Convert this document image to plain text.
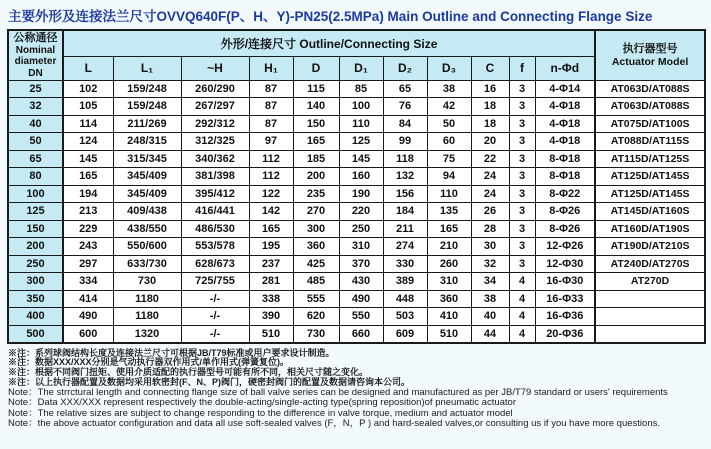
主要外形及连接法兰尺寸OVVQ640F(P、H、Y)-PN25(2.5MPa) Main Outline and Connecting Flange Size
公称通径
Nominal
diameter
DN	外形/连接尺寸 Outline/Connecting Size											执行器型号
Actuator Model

	L	L₁	~H	H₁	D	D₁	D₂	D₃	C	f	n-Φd	
25	102	159/248	260/290	87	115	85	65	38	16	3	4-Φ14	AT063D/AT088S
32	105	159/248	267/297	87	140	100	76	42	18	3	4-Φ18	AT063D/AT088S
40	114	211/269	292/312	87	150	110	84	50	18	3	4-Φ18	AT075D/AT100S
50	124	248/315	312/325	97	165	125	99	60	20	3	4-Φ18	AT088D/AT115S
65	145	315/345	340/362	112	185	145	118	75	22	3	8-Φ18	AT115D/AT125S
80	165	345/409	381/398	112	200	160	132	94	24	3	8-Φ18	AT125D/AT145S
100	194	345/409	395/412	122	235	190	156	110	24	3	8-Φ22	AT125D/AT145S
125	213	409/438	416/441	142	270	220	184	135	26	3	8-Φ26	AT145D/AT160S
150	229	438/550	486/530	165	300	250	211	165	28	3	8-Φ26	AT160D/AT190S
200	243	550/600	553/578	195	360	310	274	210	30	3	12-Φ26	AT190D/AT210S
250	297	633/730	628/673	237	425	370	330	260	32	3	12-Φ30	AT240D/AT270S
300	334	730	725/755	281	485	430	389	310	34	4	16-Φ30	AT270D
350	414	1180	-/-	338	555	490	448	360	38	4	16-Φ33	
400	490	1180	-/-	390	620	550	503	410	40	4	16-Φ36	
500	600	1320	-/-	510	730	660	609	510	44	4	20-Φ36	
※注：系列球阀结构长度及连接法兰尺寸可根据JB/T79标准或用户要求设计制造。
※注：数据XXX/XXX分别是气动执行器双作用式/单作用式(弹簧复位)。
※注：根据不同阀门扭矩、使用介质适配的执行器型号可能有所不同，相关尺寸随之变化。
※注：以上执行器配置及数据均采用软密封(F、N、P)阀门，硬密封阀门的配置及数据请咨询本公司。
Note：The strrctural length and connecting flange size of ball valve series can be designed and manufactured as per JB/T79 standard or users' requirements
Note：Data XXX/XXX represent respectively the double-acting/single-acting type(spring reposition)of pneumatic actuator
Note：The relative sizes are subject to change responding to the difference in valve torque, medium and actuator model
Note：the above actuator configuration and data all use soft-sealed valves (F，N，P ) and hard-sealed valves,or consulting us if you have more questions.
